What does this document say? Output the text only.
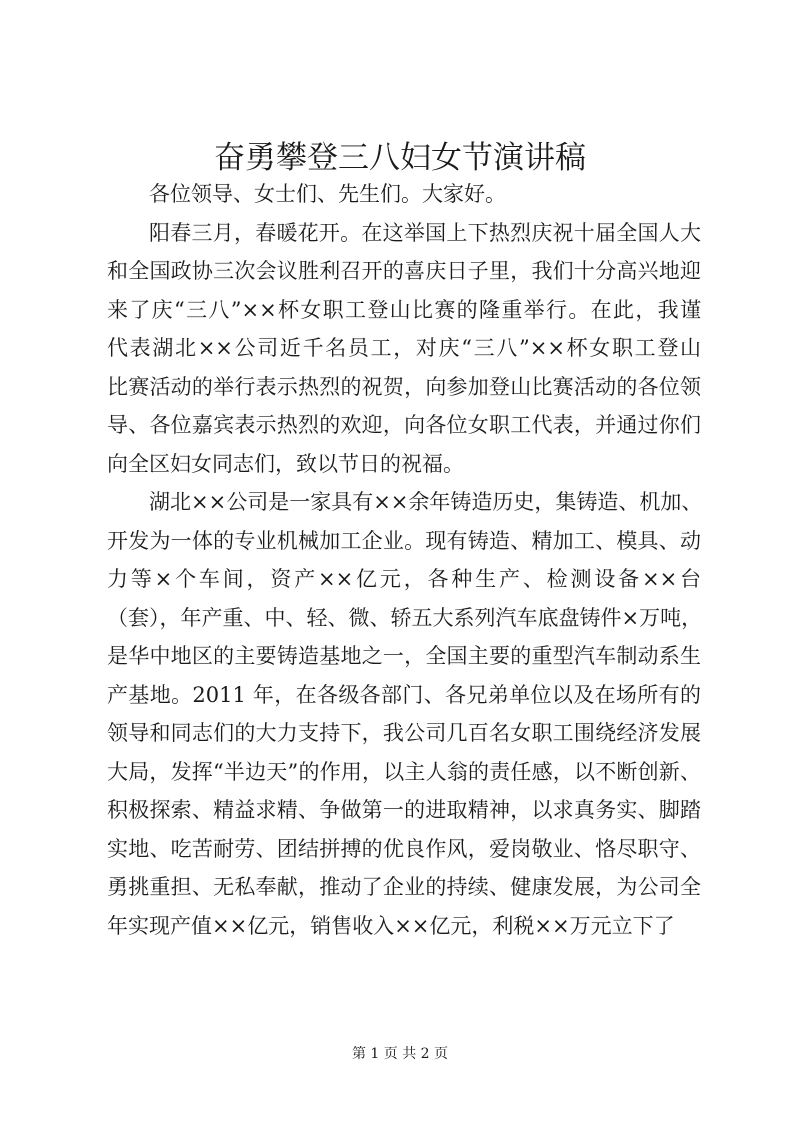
奋勇攀登三八妇女节演讲稿
各位领导、女士们、先生们。大家好。
阳春三月，春暖花开。在这举国上下热烈庆祝十届全国人大
和全国政协三次会议胜利召开的喜庆日子里，我们十分高兴地迎
来了庆“三八”××杯女职工登山比赛的隆重举行。在此，我谨
代表湖北××公司近千名员工，对庆“三八”××杯女职工登山
比赛活动的举行表示热烈的祝贺，向参加登山比赛活动的各位领
导、各位嘉宾表示热烈的欢迎，向各位女职工代表，并通过你们
向全区妇女同志们，致以节日的祝福。
湖北××公司是一家具有××余年铸造历史，集铸造、机加、
开发为一体的专业机械加工企业。现有铸造、精加工、模具、动
力等×个车间，资产××亿元，各种生产、检测设备××台
（套），年产重、中、轻、微、轿五大系列汽车底盘铸件×万吨，
是华中地区的主要铸造基地之一，全国主要的重型汽车制动系生
产基地。2011 年，在各级各部门、各兄弟单位以及在场所有的
领导和同志们的大力支持下，我公司几百名女职工围绕经济发展
大局，发挥“半边天”的作用，以主人翁的责任感，以不断创新、
积极探索、精益求精、争做第一的进取精神，以求真务实、脚踏
实地、吃苦耐劳、团结拼搏的优良作风，爱岗敬业、恪尽职守、
勇挑重担、无私奉献，推动了企业的持续、健康发展，为公司全
年实现产值××亿元，销售收入××亿元，利税××万元立下了
第 1 页 共 2 页
